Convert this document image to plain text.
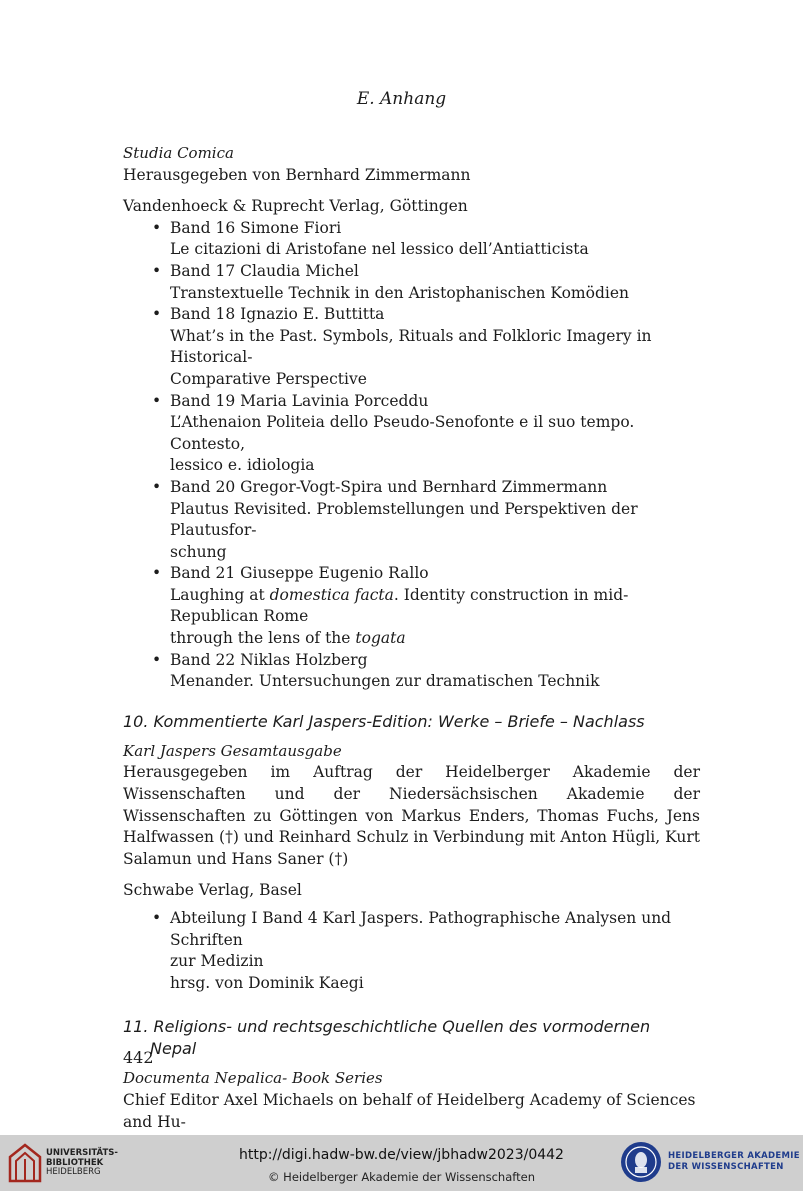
E. Anhang

Studia Comica

Herausgegeben von Bernhard Zimmermann

Vandenhoeck & Ruprecht Verlag, Göttingen

• Band 16 Simone Fiori
Le citazioni di Aristofane nel lessico dell’Antiatticista
• Band 17 Claudia Michel
Transtextuelle Technik in den Aristophanischen Komödien
• Band 18 Ignazio E. Buttitta
What’s in the Past. Symbols, Rituals and Folkloric Imagery in Historical-
Comparative Perspective
• Band 19 Maria Lavinia Porceddu
L’Athenaion Politeia dello Pseudo-Senofonte e il suo tempo. Contesto,
lessico e. idiologia
• Band 20 Gregor-Vogt-Spira und Bernhard Zimmermann
Plautus Revisited. Problemstellungen und Perspektiven der Plautusfor-
schung
• Band 21 Giuseppe Eugenio Rallo
Laughing at domestica facta. Identity construction in mid-Republican Rome
through the lens of the togata
• Band 22 Niklas Holzberg
Menander. Untersuchungen zur dramatischen Technik
10. Kommentierte Karl Jaspers-Edition: Werke – Briefe – Nachlass

Karl Jaspers Gesamtausgabe

Herausgegeben im Auftrag der Heidelberger Akademie der Wissenschaften und der Niedersächsischen Akademie der Wissenschaften zu Göttingen von Markus Enders, Thomas Fuchs, Jens Halfwassen (†) und Reinhard Schulz in Verbindung mit Anton Hügli, Kurt Salamun und Hans Saner (†)

Schwabe Verlag, Basel

• Abteilung I Band 4 Karl Jaspers. Pathographische Analysen und Schriften
zur Medizin
hrsg. von Dominik Kaegi
11. Religions- und rechtsgeschichtliche Quellen des vormodernen
Nepal

Documenta Nepalica- Book Series

Chief Editor Axel Michaels on behalf of Heidelberg Academy of Sciences and Hu-

442
UNIVERSITÄTS-
BIBLIOTHEK
HEIDELBERG
http://digi.hadw-bw.de/view/jbhadw2023/0442
© Heidelberger Akademie der Wissenschaften
HEIDELBERGER AKADEMIE
DER WISSENSCHAFTEN
